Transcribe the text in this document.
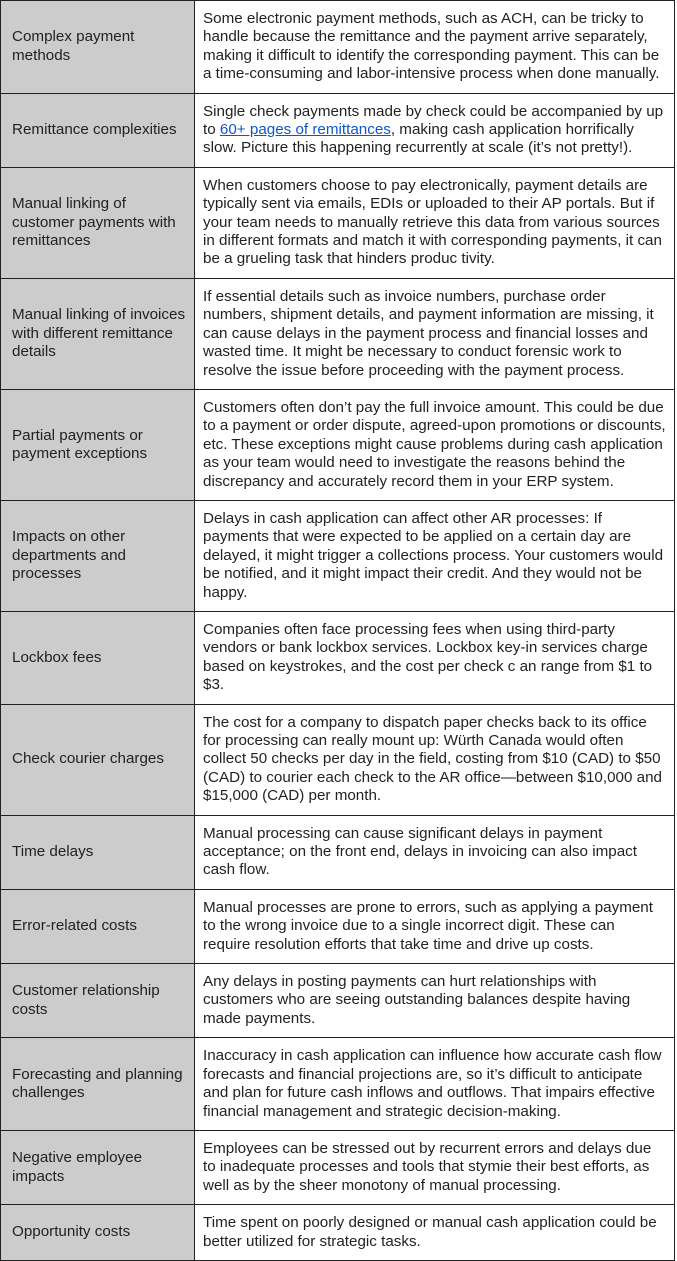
Complex payment methods	Some electronic payment methods, such as ACH, can be tricky to handle because the remittance and the payment arrive separately, making it difficult to identify the corresponding payment. This can be a time-consuming and labor-intensive process when done manually.
Remittance complexities	Single check payments made by check could be accompanied by up to 60+ pages of remittances, making cash application horrifically slow. Picture this happening recurrently at scale (it’s not pretty!).
Manual linking of customer payments with remittances	When customers choose to pay electronically, payment details are typically sent via emails, EDIs or uploaded to their AP portals. But if your team needs to manually retrieve this data from various sources in different formats and match it with corresponding payments, it can be a grueling task that hinders produc tivity.
Manual linking of invoices with different remittance details	If essential details such as invoice numbers, purchase order numbers, shipment details, and payment information are missing, it can cause delays in the payment process and financial losses and wasted time. It might be necessary to conduct forensic work to resolve the issue before proceeding with the payment process.
Partial payments or payment exceptions	Customers often don’t pay the full invoice amount. This could be due to a payment or order dispute, agreed-upon promotions or discounts, etc. These exceptions might cause problems during cash application as your team would need to investigate the reasons behind the discrepancy and accurately record them in your ERP system.
Impacts on other departments and processes	Delays in cash application can affect other AR processes: If payments that were expected to be applied on a certain day are delayed, it might trigger a collections process. Your customers would be notified, and it might impact their credit. And they would not be happy.
Lockbox fees	Companies often face processing fees when using third-party vendors or bank lockbox services. Lockbox key-in services charge based on keystrokes, and the cost per check c an range from $1 to $3.
Check courier charges	The cost for a company to dispatch paper checks back to its office for processing can really mount up: Würth Canada would often collect 50 checks per day in the field, costing from $10 (CAD) to $50 (CAD) to courier each check to the AR office—between $10,000 and $15,000 (CAD) per month.
Time delays	Manual processing can cause significant delays in payment acceptance; on the front end, delays in invoicing can also impact cash flow.
Error-related costs	Manual processes are prone to errors, such as applying a payment to the wrong invoice due to a single incorrect digit. These can require resolution efforts that take time and drive up costs.
Customer relationship costs	Any delays in posting payments can hurt relationships with customers who are seeing outstanding balances despite having made payments.
Forecasting and planning challenges	Inaccuracy in cash application can influence how accurate cash flow forecasts and financial projections are, so it’s difficult to anticipate and plan for future cash inflows and outflows. That impairs effective financial management and strategic decision-making.
Negative employee impacts	Employees can be stressed out by recurrent errors and delays due to inadequate processes and tools that stymie their best efforts, as well as by the sheer monotony of manual processing.
Opportunity costs	Time spent on poorly designed or manual cash application could be better utilized for strategic tasks.
